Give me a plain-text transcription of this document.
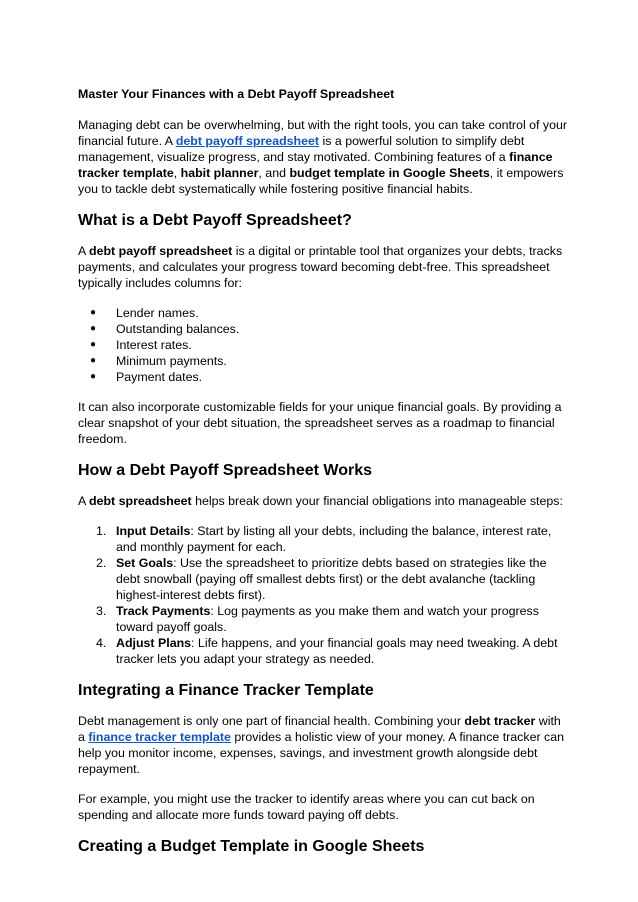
Master Your Finances with a Debt Payoff Spreadsheet

Managing debt can be overwhelming, but with the right tools, you can take control of your financial future. A debt payoff spreadsheet is a powerful solution to simplify debt management, visualize progress, and stay motivated. Combining features of a finance tracker template, habit planner, and budget template in Google Sheets, it empowers you to tackle debt systematically while fostering positive financial habits.

What is a Debt Payoff Spreadsheet?

A debt payoff spreadsheet is a digital or printable tool that organizes your debts, tracks payments, and calculates your progress toward becoming debt-free. This spreadsheet typically includes columns for:

● Lender names.
● Outstanding balances.
● Interest rates.
● Minimum payments.
● Payment dates.

It can also incorporate customizable fields for your unique financial goals. By providing a clear snapshot of your debt situation, the spreadsheet serves as a roadmap to financial freedom.

How a Debt Payoff Spreadsheet Works

A debt spreadsheet helps break down your financial obligations into manageable steps:

1. Input Details: Start by listing all your debts, including the balance, interest rate, and monthly payment for each.
2. Set Goals: Use the spreadsheet to prioritize debts based on strategies like the debt snowball (paying off smallest debts first) or the debt avalanche (tackling highest-interest debts first).
3. Track Payments: Log payments as you make them and watch your progress toward payoff goals.
4. Adjust Plans: Life happens, and your financial goals may need tweaking. A debt tracker lets you adapt your strategy as needed.
Integrating a Finance Tracker Template

Debt management is only one part of financial health. Combining your debt tracker with a finance tracker template provides a holistic view of your money. A finance tracker can help you monitor income, expenses, savings, and investment growth alongside debt repayment.

For example, you might use the tracker to identify areas where you can cut back on spending and allocate more funds toward paying off debts.

Creating a Budget Template in Google Sheets
